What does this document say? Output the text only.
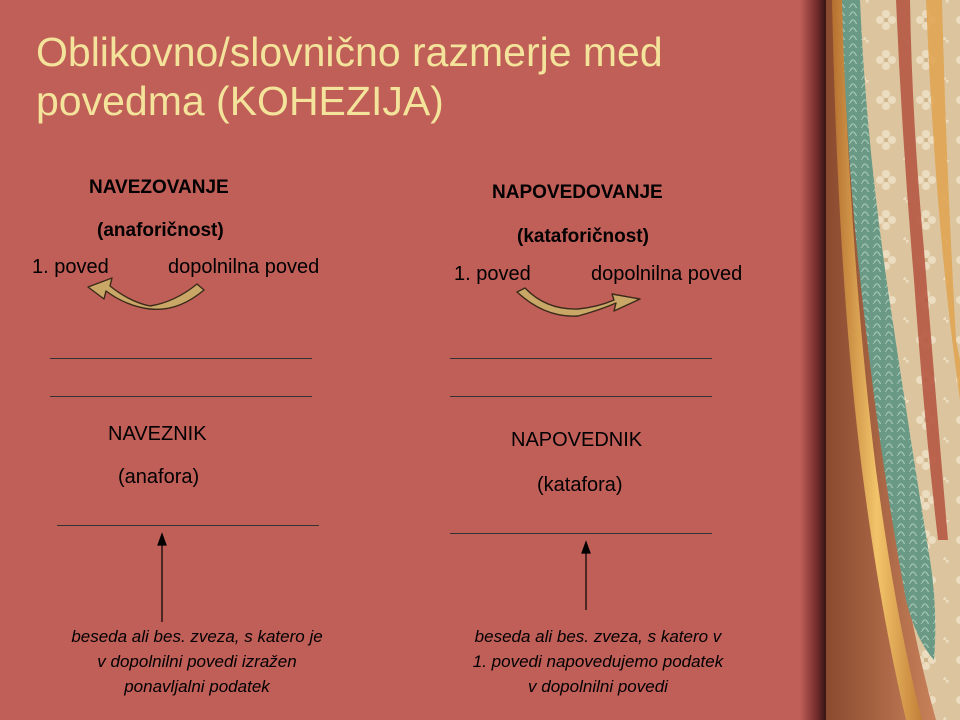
Oblikovno/slovnično razmerje med
povedma (KOHEZIJA)

NAVEZOVANJE

(anaforičnost)

1. poved	dopolnilna poved

NAVEZNIK

(anafora)

beseda ali bes. zveza, s katero je
v dopolnilni povedi izražen
ponavljalni podatek

NAPOVEDOVANJE

(kataforičnost)

1. poved	dopolnilna poved

NAPOVEDNIK

(katafora)

beseda ali bes. zveza, s katero v
1. povedi napovedujemo podatek
v dopolnilni povedi
